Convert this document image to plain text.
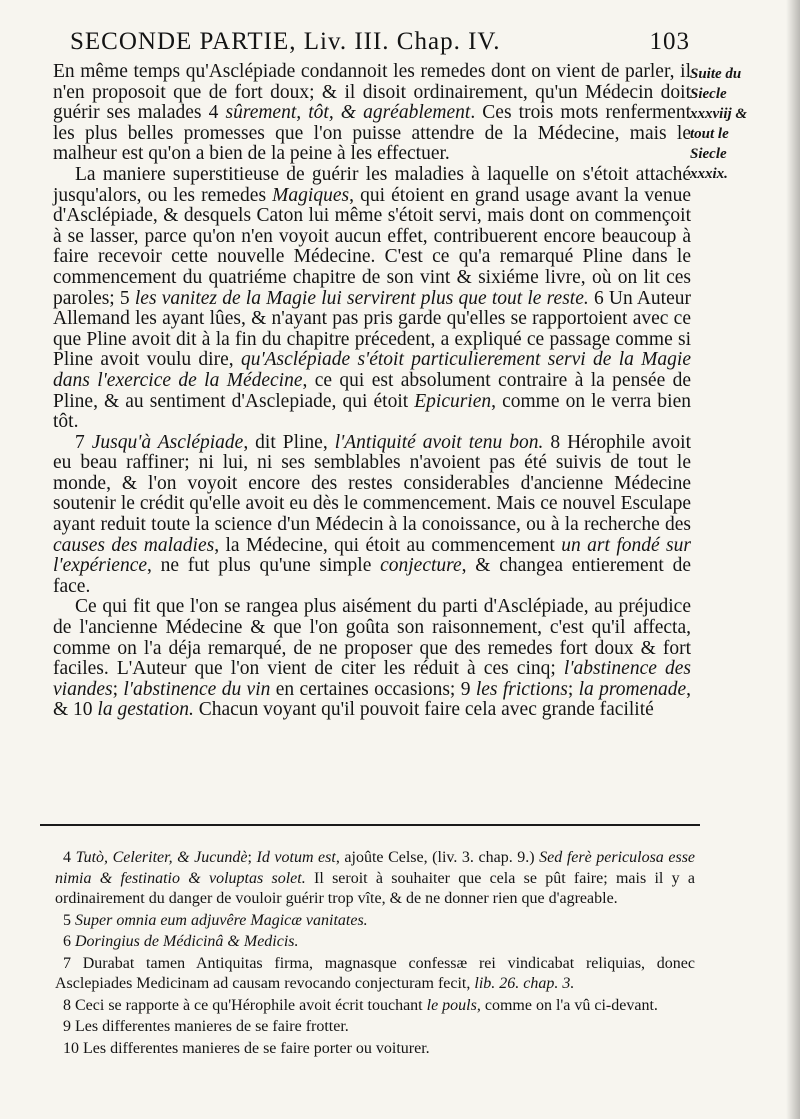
SECONDE PARTIE, Liv. III. Chap. IV.	103

En même temps qu'Asclépiade condannoit les remedes dont on vient de parler, il n'en proposoit que de fort doux; & il disoit ordinairement, qu'un Médecin doit guérir ses malades 4 sûrement, tôt, & agréablement. Ces trois mots renferment les plus belles promesses que l'on puisse attendre de la Médecine, mais le malheur est qu'on a bien de la peine à les effectuer.

La maniere superstitieuse de guérir les maladies à laquelle on s'étoit attaché jusqu'alors, ou les remedes Magiques, qui étoient en grand usage avant la venue d'Asclépiade, & desquels Caton lui même s'étoit servi, mais dont on commençoit à se lasser, parce qu'on n'en voyoit aucun effet, contribuerent encore beaucoup à faire recevoir cette nouvelle Médecine. C'est ce qu'a remarqué Pline dans le commencement du quatriéme chapitre de son vint & sixiéme livre, où on lit ces paroles; 5 les vanitez de la Magie lui servirent plus que tout le reste. 6 Un Auteur Allemand les ayant lûes, & n'ayant pas pris garde qu'elles se rapportoient avec ce que Pline avoit dit à la fin du chapitre précedent, a expliqué ce passage comme si Pline avoit voulu dire, qu'Asclépiade s'étoit particulierement servi de la Magie dans l'exercice de la Médecine, ce qui est absolument contraire à la pensée de Pline, & au sentiment d'Asclepiade, qui étoit Epicurien, comme on le verra bien tôt.

7 Jusqu'à Asclépiade, dit Pline, l'Antiquité avoit tenu bon. 8 Hérophile avoit eu beau raffiner; ni lui, ni ses semblables n'avoient pas été suivis de tout le monde, & l'on voyoit encore des restes considerables d'ancienne Médecine soutenir le crédit qu'elle avoit eu dès le commencement. Mais ce nouvel Esculape ayant reduit toute la science d'un Médecin à la conoissance, ou à la recherche des causes des maladies, la Médecine, qui étoit au commencement un art fondé sur l'expérience, ne fut plus qu'une simple conjecture, & changea entierement de face.

Ce qui fit que l'on se rangea plus aisément du parti d'Asclépiade, au préjudice de l'ancienne Médecine & que l'on goûta son raisonnement, c'est qu'il affecta, comme on l'a déja remarqué, de ne proposer que des remedes fort doux & fort faciles. L'Auteur que l'on vient de citer les réduit à ces cinq; l'abstinence des viandes; l'abstinence du vin en certaines occasions; 9 les frictions; la promenade, & 10 la gestation. Chacun voyant qu'il pouvoit faire cela avec grande facilité

Suite du Siecle xxxviij & tout le Siecle xxxix.

4 Tutò, Celeriter, & Jucundè; Id votum est, ajoûte Celse, (liv. 3. chap. 9.) Sed ferè periculosa esse nimia & festinatio & voluptas solet. Il seroit à souhaiter que cela se pût faire; mais il y a ordinairement du danger de vouloir guérir trop vîte, & de ne donner rien que d'agreable.

5 Super omnia eum adjuvêre Magicæ vanitates.

6 Doringius de Médicinâ & Medicis.

7 Durabat tamen Antiquitas firma, magnasque confessæ rei vindicabat reliquias, donec Asclepiades Medicinam ad causam revocando conjecturam fecit, lib. 26. chap. 3.

8 Ceci se rapporte à ce qu'Hérophile avoit écrit touchant le pouls, comme on l'a vû ci-devant.

9 Les differentes manieres de se faire frotter.

10 Les differentes manieres de se faire porter ou voiturer.
